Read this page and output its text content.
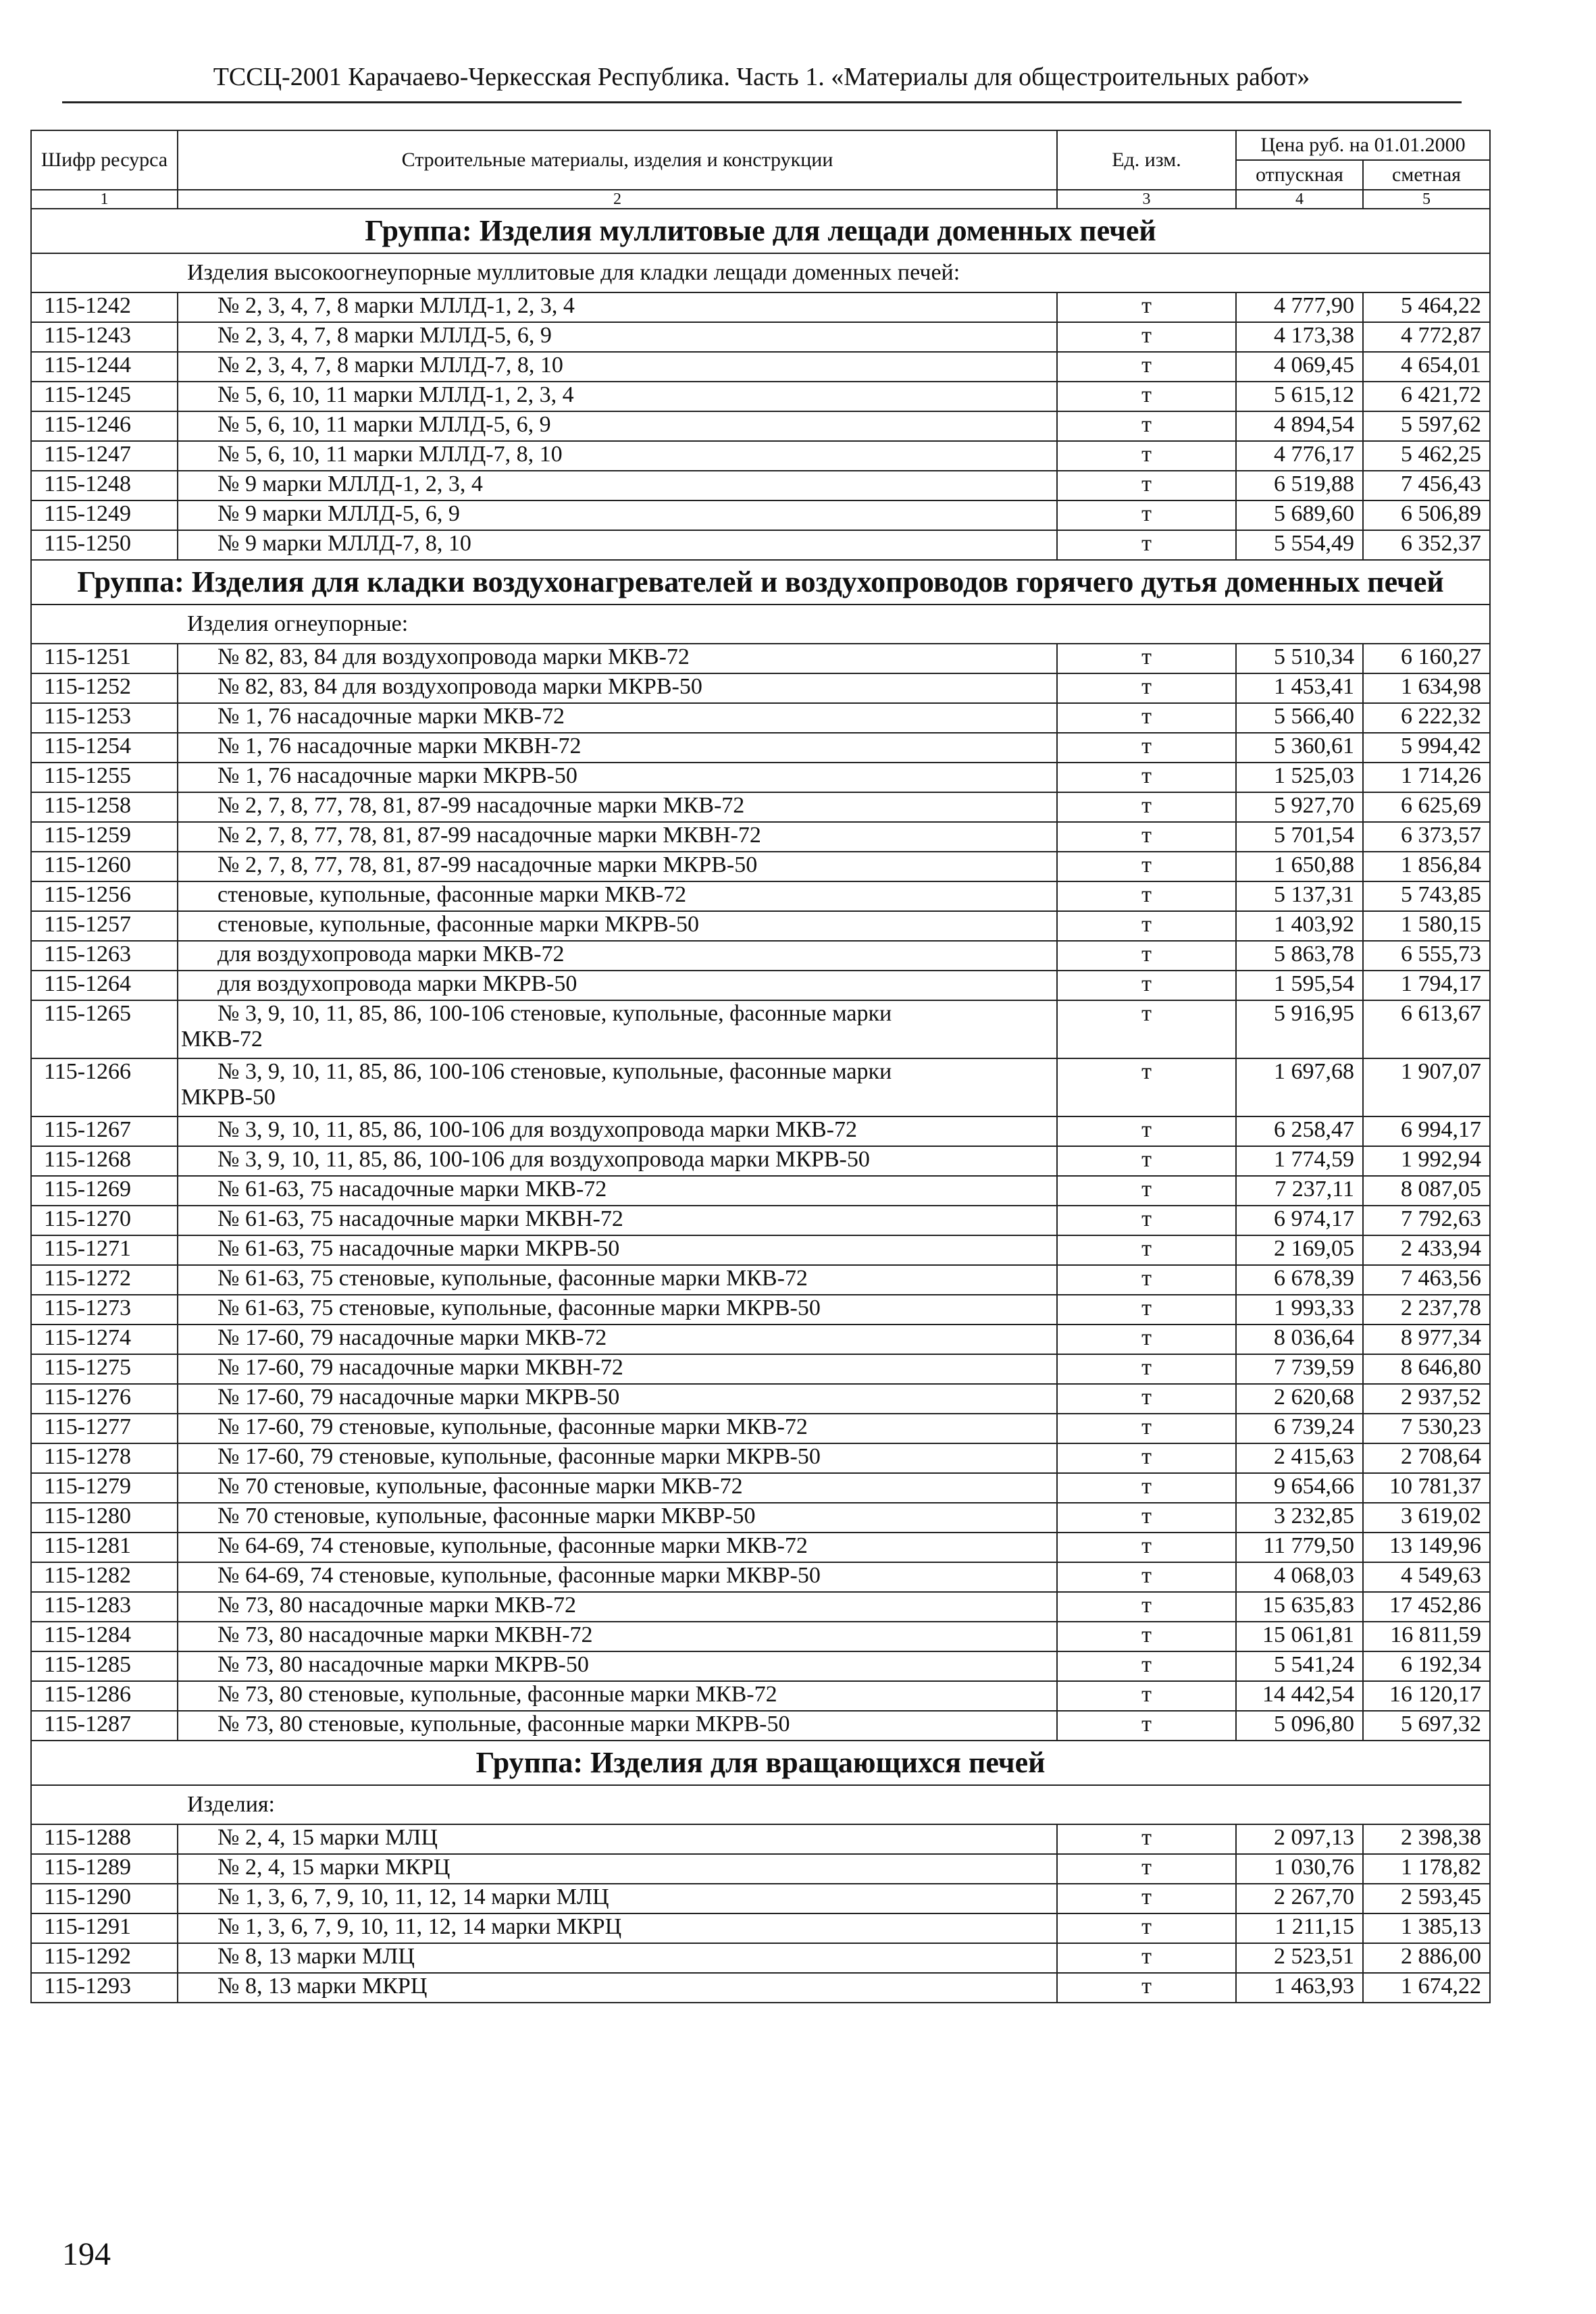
ТССЦ-2001 Карачаево-Черкесская Республика. Часть 1. «Материалы для общестроительных работ»
Шифр ресурса	Строительные материалы, изделия и конструкции	Ед. изм.	Цена руб. на 01.01.2000	
			отпускная	сметная
1	2	3	4	5
Группа: Изделия муллитовые для лещади доменных печей				
Изделия высокоогнеупорные муллитовые для кладки лещади доменных печей:				
115-1242	№ 2, 3, 4, 7, 8 марки МЛЛД-1, 2, 3, 4	т	4 777,90	5 464,22
115-1243	№ 2, 3, 4, 7, 8 марки МЛЛД-5, 6, 9	т	4 173,38	4 772,87
115-1244	№ 2, 3, 4, 7, 8 марки МЛЛД-7, 8, 10	т	4 069,45	4 654,01
115-1245	№ 5, 6, 10, 11 марки МЛЛД-1, 2, 3, 4	т	5 615,12	6 421,72
115-1246	№ 5, 6, 10, 11 марки МЛЛД-5, 6, 9	т	4 894,54	5 597,62
115-1247	№ 5, 6, 10, 11 марки МЛЛД-7, 8, 10	т	4 776,17	5 462,25
115-1248	№ 9 марки МЛЛД-1, 2, 3, 4	т	6 519,88	7 456,43
115-1249	№ 9 марки МЛЛД-5, 6, 9	т	5 689,60	6 506,89
115-1250	№ 9 марки МЛЛД-7, 8, 10	т	5 554,49	6 352,37
Группа: Изделия для кладки воздухонагревателей и воздухопроводов горячего дутья доменных печей				
Изделия огнеупорные:				
115-1251	№ 82, 83, 84 для воздухопровода марки МКВ-72	т	5 510,34	6 160,27
115-1252	№ 82, 83, 84 для воздухопровода марки МКРВ-50	т	1 453,41	1 634,98
115-1253	№ 1, 76 насадочные марки МКВ-72	т	5 566,40	6 222,32
115-1254	№ 1, 76 насадочные марки МКВН-72	т	5 360,61	5 994,42
115-1255	№ 1, 76 насадочные марки МКРВ-50	т	1 525,03	1 714,26
115-1258	№ 2, 7, 8, 77, 78, 81, 87-99 насадочные марки МКВ-72	т	5 927,70	6 625,69
115-1259	№ 2, 7, 8, 77, 78, 81, 87-99 насадочные марки МКВН-72	т	5 701,54	6 373,57
115-1260	№ 2, 7, 8, 77, 78, 81, 87-99 насадочные марки МКРВ-50	т	1 650,88	1 856,84
115-1256	стеновые, купольные, фасонные марки МКВ-72	т	5 137,31	5 743,85
115-1257	стеновые, купольные, фасонные марки МКРВ-50	т	1 403,92	1 580,15
115-1263	для воздухопровода марки МКВ-72	т	5 863,78	6 555,73
115-1264	для воздухопровода марки МКРВ-50	т	1 595,54	1 794,17
115-1265	№ 3, 9, 10, 11, 85, 86, 100-106 стеновые, купольные, фасонные марки
МКВ-72	т	5 916,95	6 613,67
115-1266	№ 3, 9, 10, 11, 85, 86, 100-106 стеновые, купольные, фасонные марки
МКРВ-50	т	1 697,68	1 907,07
115-1267	№ 3, 9, 10, 11, 85, 86, 100-106 для воздухопровода марки МКВ-72	т	6 258,47	6 994,17
115-1268	№ 3, 9, 10, 11, 85, 86, 100-106 для воздухопровода марки МКРВ-50	т	1 774,59	1 992,94
115-1269	№ 61-63, 75 насадочные марки МКВ-72	т	7 237,11	8 087,05
115-1270	№ 61-63, 75 насадочные марки МКВН-72	т	6 974,17	7 792,63
115-1271	№ 61-63, 75 насадочные марки МКРВ-50	т	2 169,05	2 433,94
115-1272	№ 61-63, 75 стеновые, купольные, фасонные марки МКВ-72	т	6 678,39	7 463,56
115-1273	№ 61-63, 75 стеновые, купольные, фасонные марки МКРВ-50	т	1 993,33	2 237,78
115-1274	№ 17-60, 79 насадочные марки МКВ-72	т	8 036,64	8 977,34
115-1275	№ 17-60, 79 насадочные марки МКВН-72	т	7 739,59	8 646,80
115-1276	№ 17-60, 79 насадочные марки МКРВ-50	т	2 620,68	2 937,52
115-1277	№ 17-60, 79 стеновые, купольные, фасонные марки МКВ-72	т	6 739,24	7 530,23
115-1278	№ 17-60, 79 стеновые, купольные, фасонные марки МКРВ-50	т	2 415,63	2 708,64
115-1279	№ 70 стеновые, купольные, фасонные марки МКВ-72	т	9 654,66	10 781,37
115-1280	№ 70 стеновые, купольные, фасонные марки МКВР-50	т	3 232,85	3 619,02
115-1281	№ 64-69, 74 стеновые, купольные, фасонные марки МКВ-72	т	11 779,50	13 149,96
115-1282	№ 64-69, 74 стеновые, купольные, фасонные марки МКВР-50	т	4 068,03	4 549,63
115-1283	№ 73, 80 насадочные марки МКВ-72	т	15 635,83	17 452,86
115-1284	№ 73, 80 насадочные марки МКВН-72	т	15 061,81	16 811,59
115-1285	№ 73, 80 насадочные марки МКРВ-50	т	5 541,24	6 192,34
115-1286	№ 73, 80 стеновые, купольные, фасонные марки МКВ-72	т	14 442,54	16 120,17
115-1287	№ 73, 80 стеновые, купольные, фасонные марки МКРВ-50	т	5 096,80	5 697,32
Группа: Изделия для вращающихся печей				
Изделия:				
115-1288	№ 2, 4, 15 марки МЛЦ	т	2 097,13	2 398,38
115-1289	№ 2, 4, 15 марки МКРЦ	т	1 030,76	1 178,82
115-1290	№ 1, 3, 6, 7, 9, 10, 11, 12, 14 марки МЛЦ	т	2 267,70	2 593,45
115-1291	№ 1, 3, 6, 7, 9, 10, 11, 12, 14 марки МКРЦ	т	1 211,15	1 385,13
115-1292	№ 8, 13 марки МЛЦ	т	2 523,51	2 886,00
115-1293	№ 8, 13 марки МКРЦ	т	1 463,93	1 674,22
194
